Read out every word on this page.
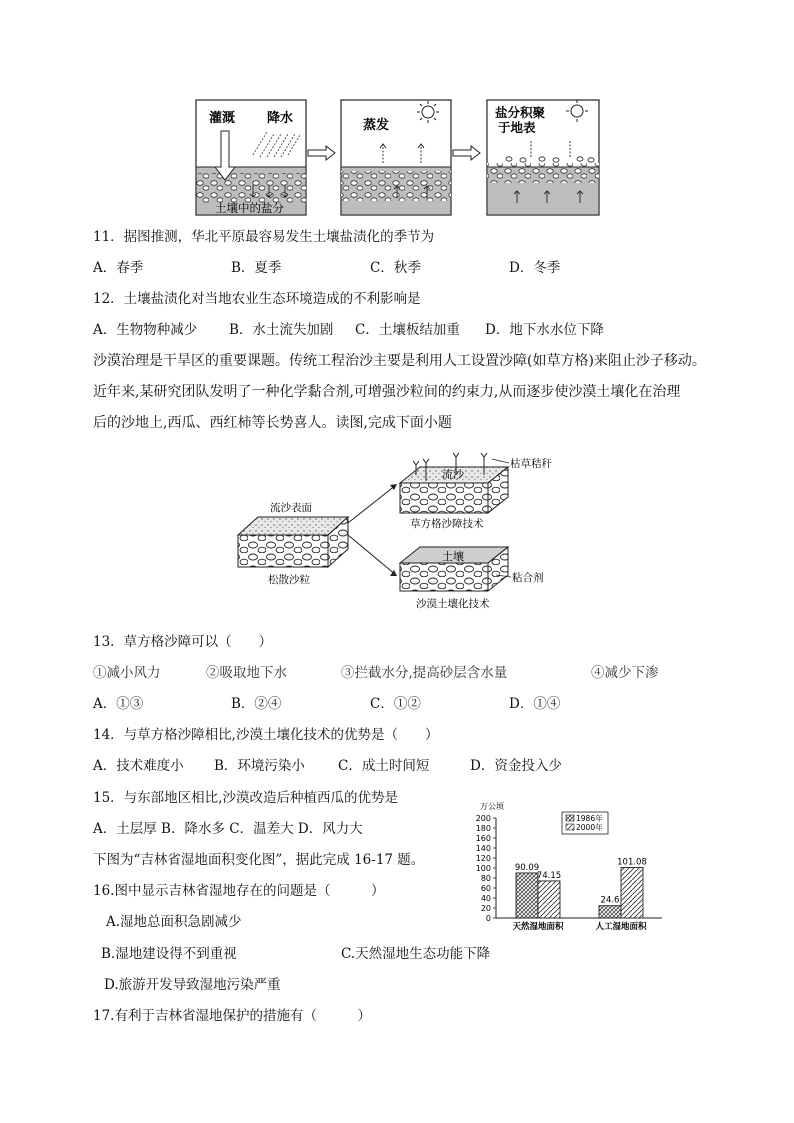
灌溉 降水
土壤中的盐分
蒸发
盐分积聚
于地表
11．据图推测，华北平原最容易发生土壤盐渍化的季节为
A．春季	B．夏季	C．秋季	D．冬季
12．土壤盐渍化对当地农业生态环境造成的不利影响是
A．生物物种减少 B．水土流失加剧 C．土壤板结加重 D．地下水水位下降
沙漠治理是干旱区的重要课题。传统工程治沙主要是利用人工设置沙障(如草方格)来阻止沙子移动。
近年来,某研究团队发明了一种化学黏合剂,可增强沙粒间的约束力,从而逐步使沙漠土壤化在治理
后的沙地上,西瓜、西红柿等长势喜人。读图,完成下面小题
流沙表面
松散沙粒
流沙
枯草秸秆
草方格沙障技术
土壤
粘合剂
沙漠土壤化技术
13．草方格沙障可以（　　）
①减小风力	②吸取地下水	③拦截水分,提高砂层含水量	④减少下渗
A．①③	B．②④	C．①②	D．①④
14．与草方格沙障相比,沙漠土壤化技术的优势是（　　）
A．技术难度小 B．环境污染小 C．成土时间短	D．资金投入少
15．与东部地区相比,沙漠改造后种植西瓜的优势是
A．土层厚 B．降水多 C．温差大 D．风力大
下图为“吉林省湿地面积变化图”，据此完成 16-17 题。
万公顷
0
20
40
60
80
100
120
140
160
180
200
90.09
74.15
天然湿地面积
24.6
101.08
人工湿地面积
1986年
2000年
16.图中显示吉林省湿地存在的问题是（　　　）
A.湿地总面积急剧减少
B.湿地建设得不到重视	C.天然湿地生态功能下降
D.旅游开发导致湿地污染严重
17.有利于吉林省湿地保护的措施有（　　　）
